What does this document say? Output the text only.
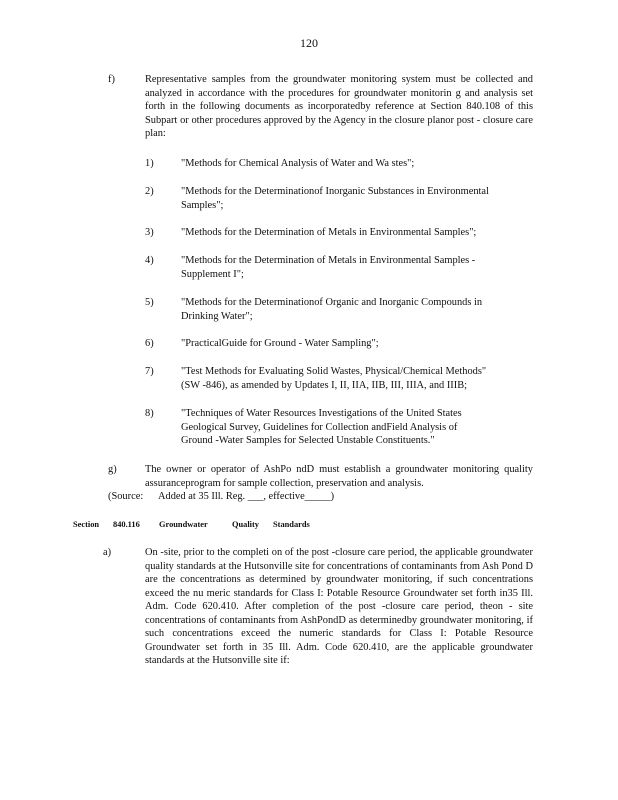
120
f)	Representative samples from the groundwater monitoring system must be collected and analyzed in accordance with the procedures for groundwater monitorin g and analysis set forth in the following documents as incorporatedby reference at Section 840.108 of this Subpart or other procedures approved by the Agency in the closure planor post - closure care plan:
1)	"Methods for Chemical Analysis of Water and Wa stes";
2)	"Methods for the Determinationof Inorganic Substances in Environmental
Samples";
3)	"Methods for the Determination of Metals in Environmental Samples";
4)	"Methods for the Determination of Metals in Environmental Samples -
Supplement I";
5)	"Methods for the Determinationof Organic and Inorganic Compounds in
Drinking Water";
6)	"PracticalGuide for Ground - Water Sampling";
7)	"Test Methods for Evaluating Solid Wastes, Physical/Chemical Methods"
(SW -846), as amended by Updates I, II, IIA, IIB, III, IIIA, and IIIB;
8)	"Techniques of Water Resources Investigations of the United States
Geological Survey, Guidelines for Collection andField Analysis of
Ground -Water Samples for Selected Unstable Constituents."
g)	The owner or operator of AshPo ndD must establish a groundwater monitoring quality assuranceprogram for sample collection, preservation and analysis.
(Source: Added at 35 Ill. Reg. ___, effective_____)
Section 840.116 Groundwater	Quality Standards
a)	On -site, prior to the completi on of the post -closure care period, the applicable groundwater quality standards at the Hutsonville site for concentrations of contaminants from Ash Pond D are the concentrations as determined by groundwater monitoring, if such concentrations exceed the nu meric standards for Class I: Potable Resource Groundwater set forth in35 Ill. Adm. Code 620.410. After completion of the post -closure care period, theon - site concentrations of contaminants from AshPondD as determinedby groundwater monitoring, if such concentrations exceed the numeric standards for Class I: Potable Resource Groundwater set forth in 35 Ill. Adm. Code 620.410, are the applicable groundwater standards at the Hutsonville site if:
